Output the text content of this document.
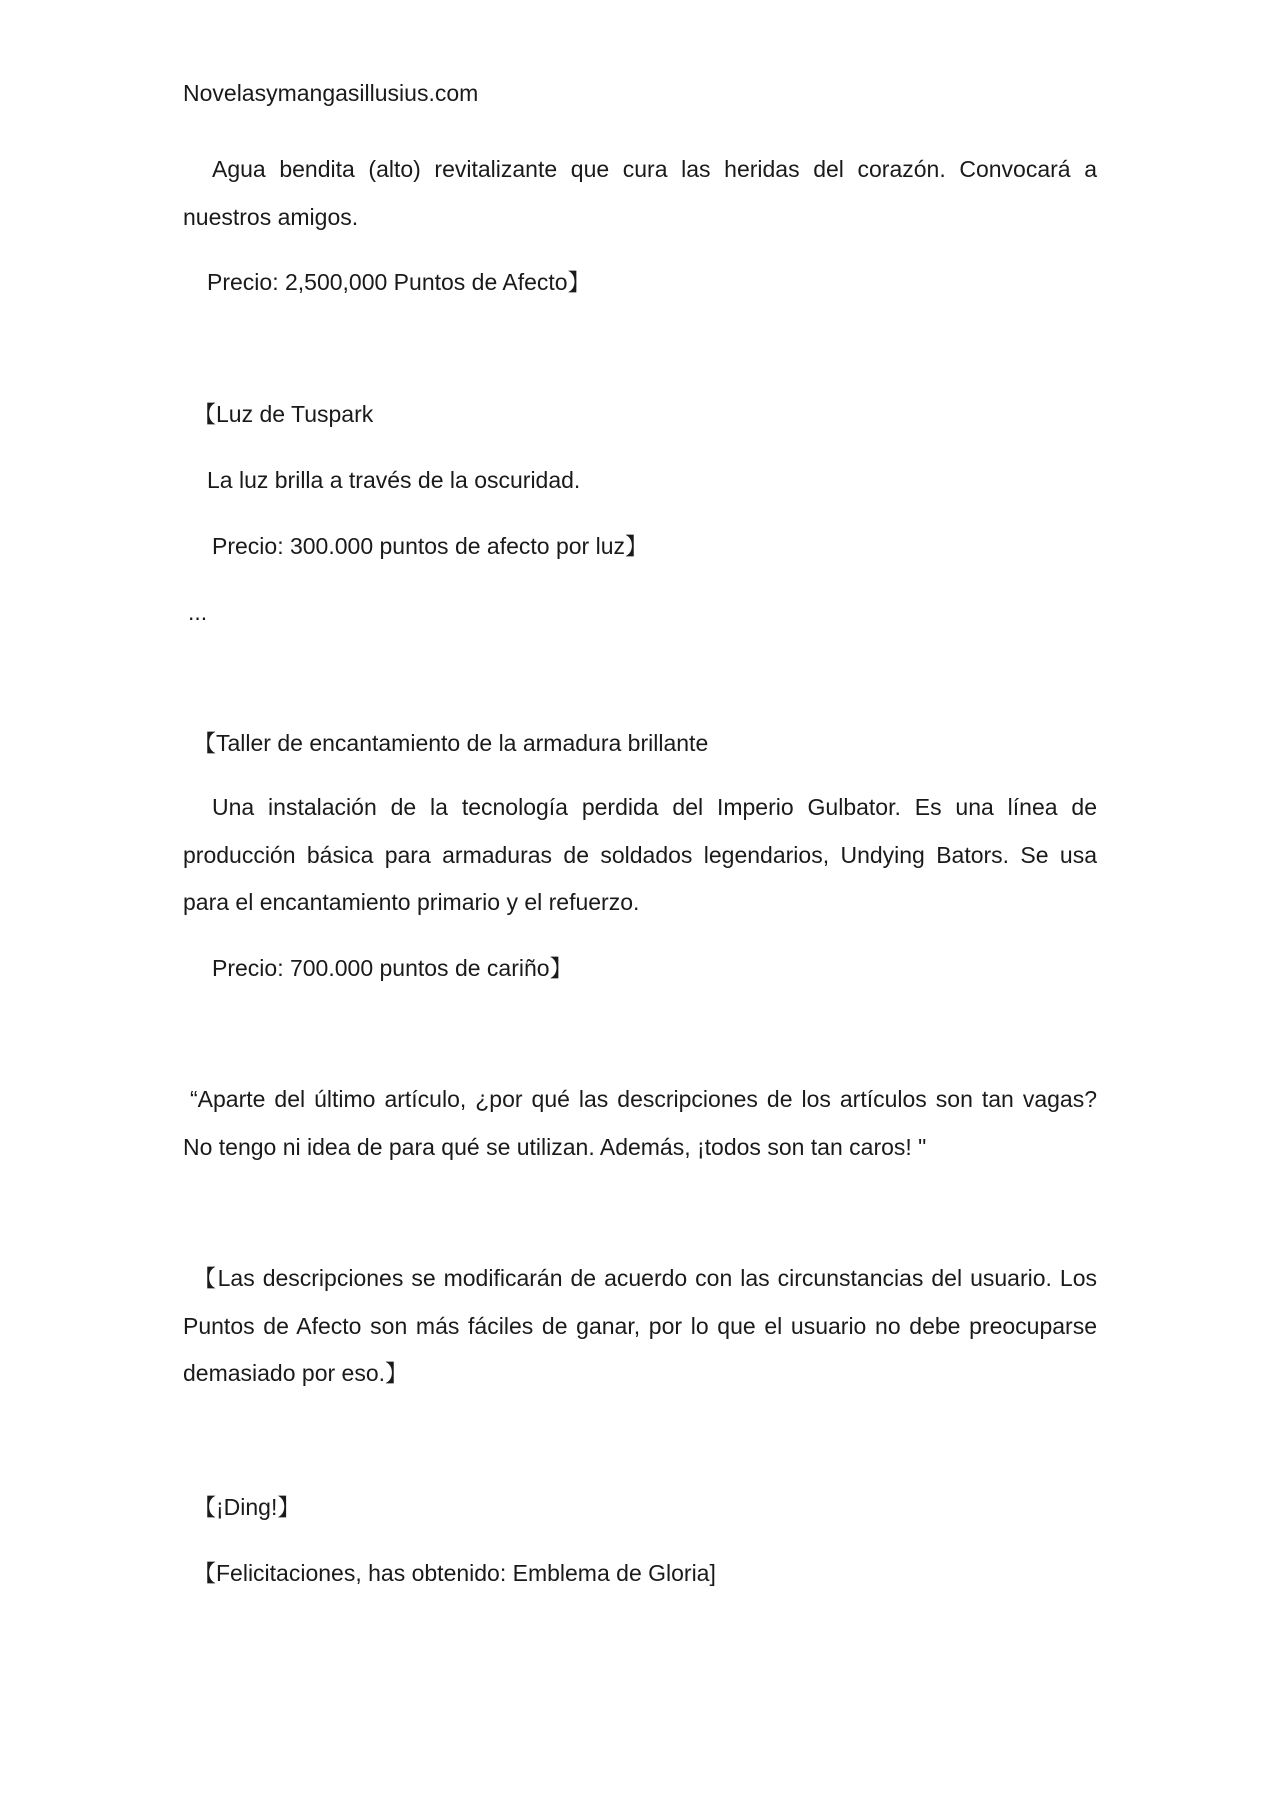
Novelasymangasillusius.com

Agua bendita (alto) revitalizante que cura las heridas del corazón. Convocará a nuestros amigos.

Precio: 2,500,000 Puntos de Afecto】

【Luz de Tuspark

La luz brilla a través de la oscuridad.

Precio: 300.000 puntos de afecto por luz】

...

【Taller de encantamiento de la armadura brillante

Una instalación de la tecnología perdida del Imperio Gulbator. Es una línea de producción básica para armaduras de soldados legendarios, Undying Bators. Se usa para el encantamiento primario y el refuerzo.

Precio: 700.000 puntos de cariño】

“Aparte del último artículo, ¿por qué las descripciones de los artículos son tan vagas? No tengo ni idea de para qué se utilizan. Además, ¡todos son tan caros! "

【Las descripciones se modificarán de acuerdo con las circunstancias del usuario. Los Puntos de Afecto son más fáciles de ganar, por lo que el usuario no debe preocuparse demasiado por eso.】

【¡Ding!】

【Felicitaciones, has obtenido: Emblema de Gloria]
